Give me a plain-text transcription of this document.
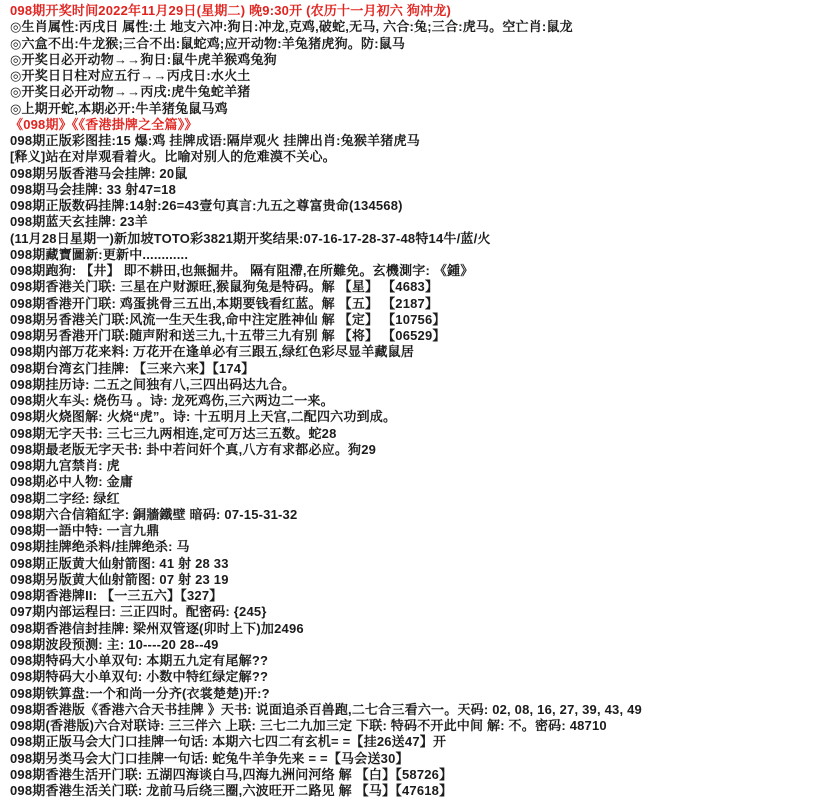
098期开奖时间2022年11月29日(星期二) 晚9:30开 (农历十一月初六 狗冲龙)
◎生肖属性:丙戌日 属性:土 地支六冲:狗日:冲龙,克鸡,破蛇,无马, 六合:兔;三合:虎马。空亡肖:鼠龙
◎六盒不出:牛龙猴;三合不出:鼠蛇鸡;应开动物:羊兔猪虎狗。防:鼠马
◎开奖日必开动物→→狗日:鼠牛虎羊猴鸡兔狗
◎开奖日日柱对应五行→→丙戌日:水火土
◎开奖日必开动物→→丙戌:虎牛兔蛇羊猪
◎上期开蛇,本期必开:牛羊猪兔鼠马鸡
《098期》《《香港掛牌之全篇》》
098期正版彩图挂:15 爆:鸡 挂牌成语:隔岸观火 挂牌出肖:兔猴羊猪虎马
[释义]站在对岸观看着火。比喻对别人的危难漠不关心。
098期另版香港马会挂牌: 20鼠
098期马会挂牌: 33 射47=18
098期正版数码挂牌:14射:26=43壹句真言:九五之尊富贵命(134568)
098期蓝天玄挂牌: 23羊
(11月28日星期一)新加坡TOTO彩3821期开奖结果:07-16-17-28-37-48特14牛/蓝/火
098期藏寶圖新:更新中............
098期跑狗: 【井】 即不耕田,也無掘井。 隔有阻滯,在所難免。玄機測字: 《鍾》
098期香港关门联: 三星在户财源旺,猴鼠狗兔是特码。解 【星】 【4683】
098期香港开门联: 鸡蛋挑骨三五出,本期要钱看红蓝。解 【五】 【2187】
098期另香港关门联:风流一生天生我,命中注定胜神仙 解 【定】 【10756】
098期另香港开门联:随声附和送三九,十五带三九有别 解 【将】 【06529】
098期内部万花来料: 万花开在逢单必有三跟五,绿红色彩尽显羊藏鼠居
098期台湾玄门挂牌: 【三来六来】【174】
098期挂历诗: 二五之间独有八,三四出码达九合。
098期火车头: 烧伤马 。诗: 龙死鸡伤,三六两边二一来。
098期火烧图解: 火烧“虎”。诗: 十五明月上天宫,二配四六功到成。
098期无字天书: 三七三九两相连,定可万达三五数。蛇28
098期最老版无字天书: 卦中若问奸个真,八方有求都必应。狗29
098期九宫禁肖: 虎
098期必中人物: 金庸
098期二字经: 绿红
098期六合信箱紅字: 銅牆鐵壁 暗码: 07-15-31-32
098期一語中特: 一言九鼎
098期挂牌绝杀料/挂牌绝杀: 马
098期正版黄大仙射箭图: 41 射 28 33
098期另版黄大仙射箭图: 07 射 23 19
098期香港牌II: 【一三五六】【327】
097期内部运程曰: 三正四时。配密码: {245}
098期香港信封挂牌: 梁州双管逐(卯时上下)加2496
098期波段预测: 主: 10----20 28--49
098期特码大小单双句: 本期五九定有尾解??
098期特码大小单双句: 小数中特红绿定解??
098期铁算盘:一个和尚一分齐(衣裳楚楚)开:?
098期香港版《香港六合天书挂牌 》天书: 说面追杀百兽跑,二七合三看六一。天码: 02, 08, 16, 27, 39, 43, 49
098期(香港版)六合对联诗: 三三伴六 上联: 三七二九加三定 下联: 特码不开此中间 解: 不。密码: 48710
098期正版马会大门口挂牌一句话: 本期六七四二有玄机= =【挂26送47】开
098期另类马会大门口挂牌一句话: 蛇兔牛羊争先来 = =【马会送30】
098期香港生活开门联: 五湖四海谈白马,四海九洲问河络 解 【白】【58726】
098期香港生活关门联: 龙前马后绕三圈,六波旺开二路见 解 【马】【47618】
